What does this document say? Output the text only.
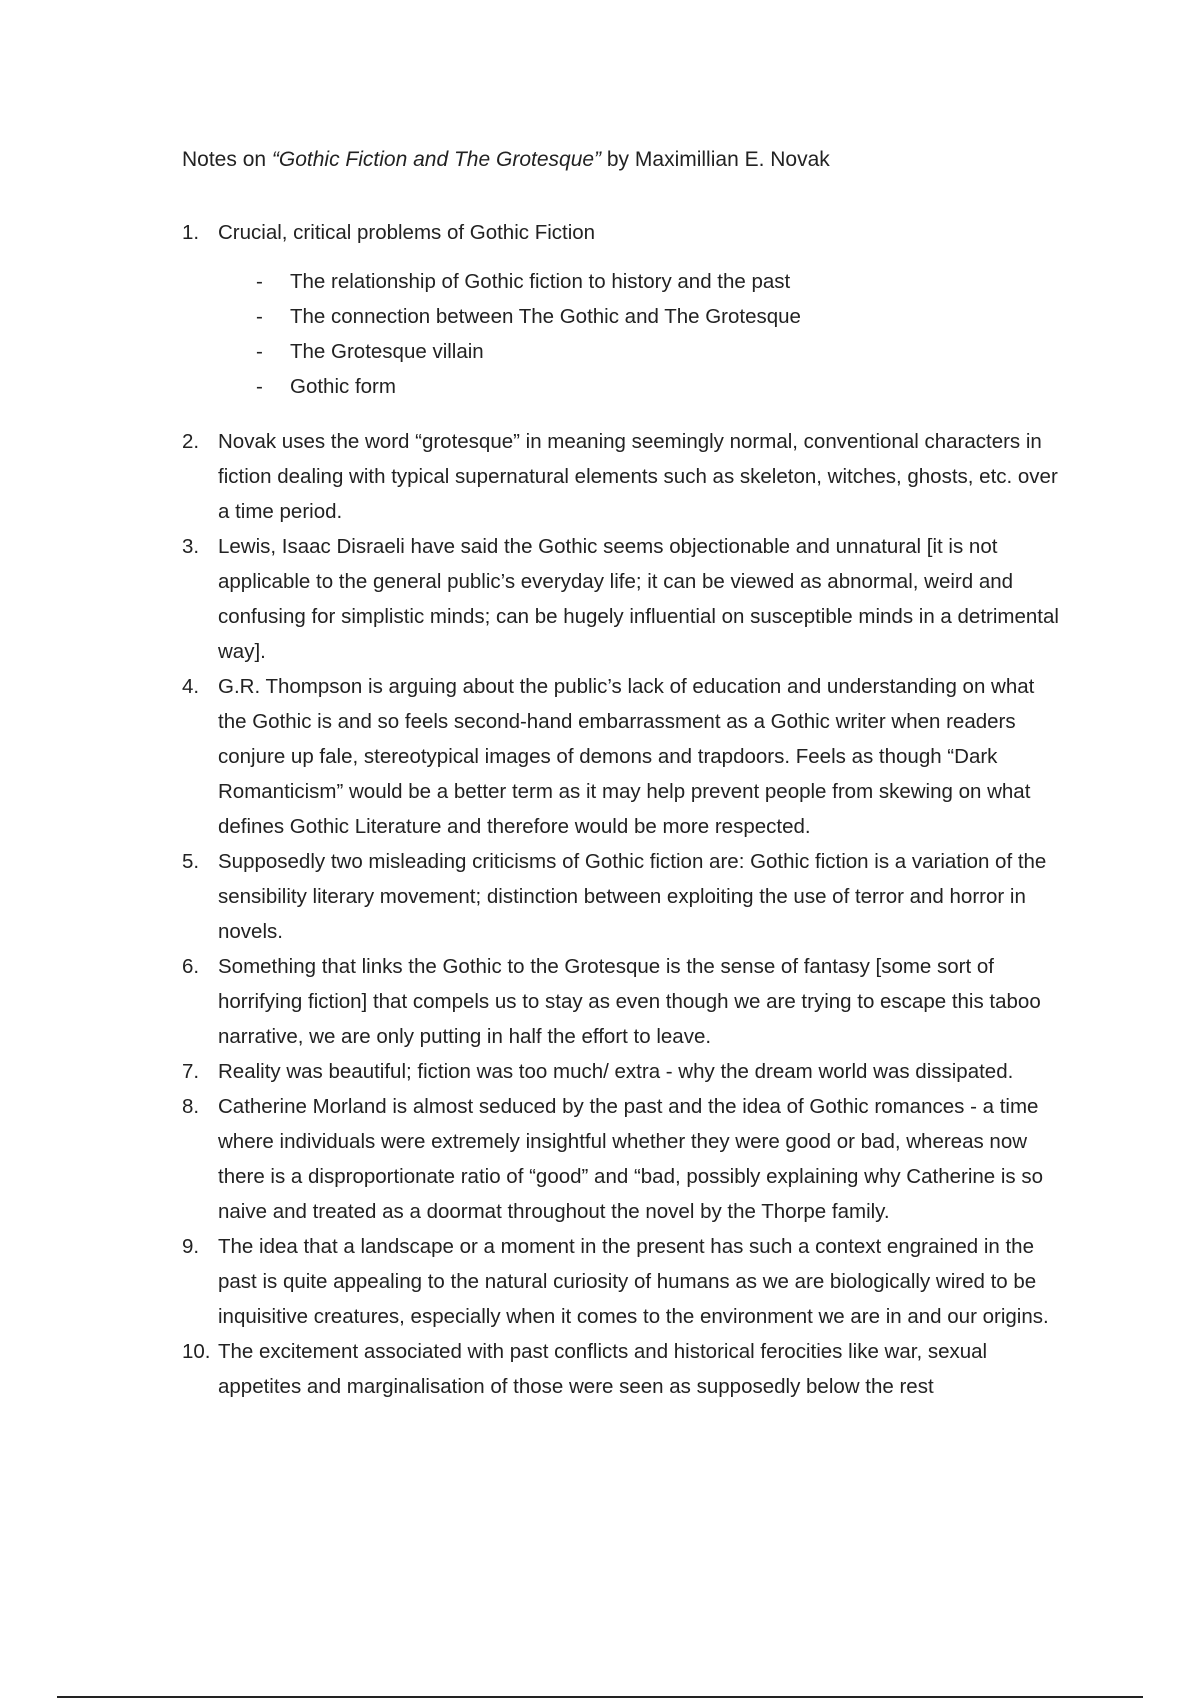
Notes on “Gothic Fiction and The Grotesque” by Maximillian E. Novak
1. Crucial, critical problems of Gothic Fiction
- The relationship of Gothic fiction to history and the past
- The connection between The Gothic and The Grotesque
- The Grotesque villain
- Gothic form
2. Novak uses the word “grotesque” in meaning seemingly normal, conventional characters in fiction dealing with typical supernatural elements such as skeleton, witches, ghosts, etc. over a time period.
3. Lewis, Isaac Disraeli have said the Gothic seems objectionable and unnatural [it is not applicable to the general public’s everyday life; it can be viewed as abnormal, weird and confusing for simplistic minds; can be hugely influential on susceptible minds in a detrimental way].
4. G.R. Thompson is arguing about the public’s lack of education and understanding on what the Gothic is and so feels second-hand embarrassment as a Gothic writer when readers conjure up fale, stereotypical images of demons and trapdoors. Feels as though “Dark Romanticism” would be a better term as it may help prevent people from skewing on what defines Gothic Literature and therefore would be more respected.
5. Supposedly two misleading criticisms of Gothic fiction are: Gothic fiction is a variation of the sensibility literary movement; distinction between exploiting the use of terror and horror in novels.
6. Something that links the Gothic to the Grotesque is the sense of fantasy [some sort of horrifying fiction] that compels us to stay as even though we are trying to escape this taboo narrative, we are only putting in half the effort to leave.
7. Reality was beautiful; fiction was too much/ extra - why the dream world was dissipated.
8. Catherine Morland is almost seduced by the past and the idea of Gothic romances - a time where individuals were extremely insightful whether they were good or bad, whereas now there is a disproportionate ratio of “good” and “bad, possibly explaining why Catherine is so naive and treated as a doormat throughout the novel by the Thorpe family.
9. The idea that a landscape or a moment in the present has such a context engrained in the past is quite appealing to the natural curiosity of humans as we are biologically wired to be inquisitive creatures, especially when it comes to the environment we are in and our origins.
10. The excitement associated with past conflicts and historical ferocities like war, sexual appetites and marginalisation of those were seen as supposedly below the rest
